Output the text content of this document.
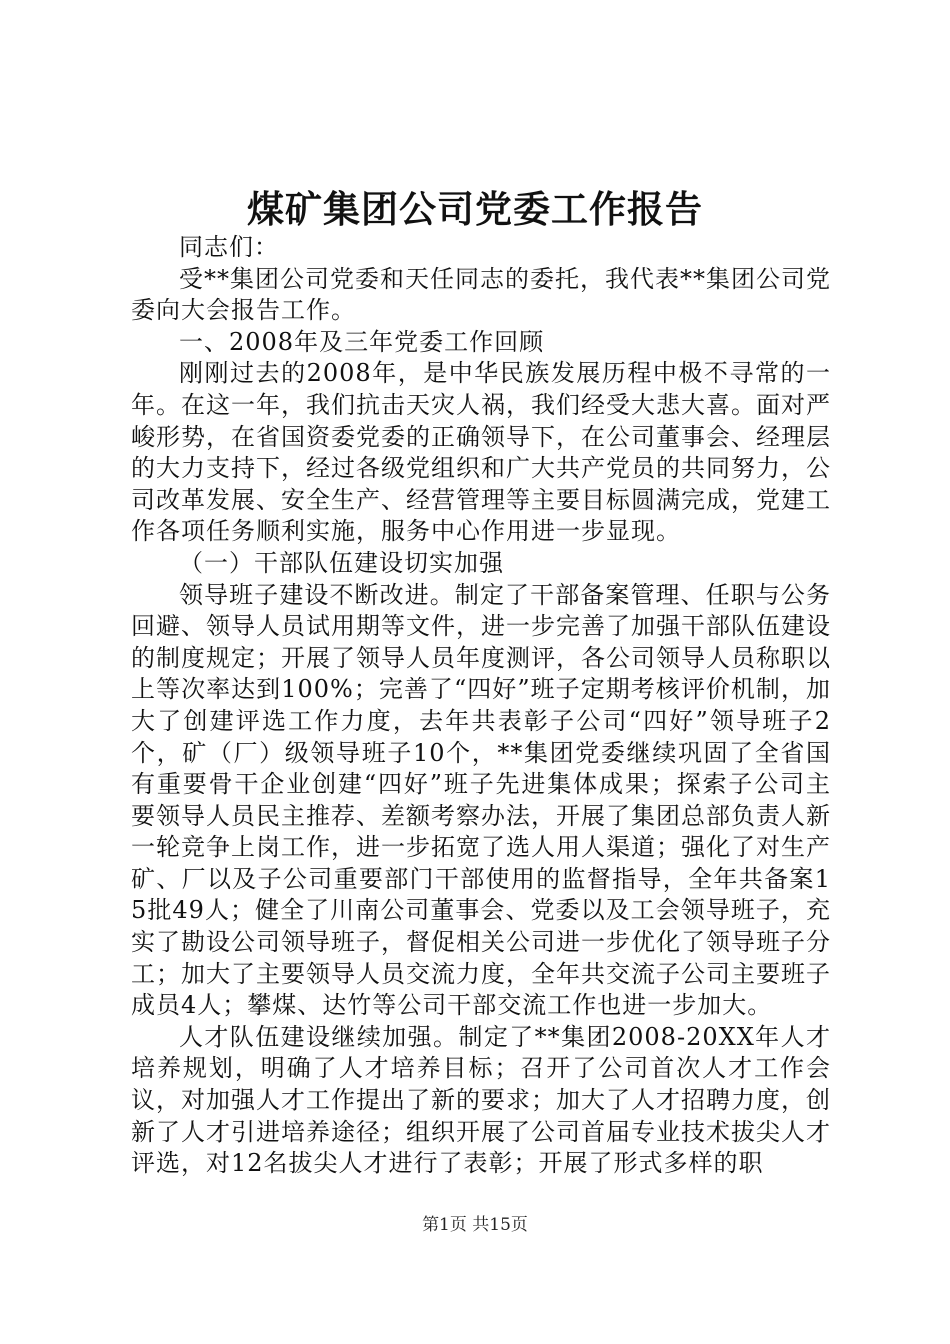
煤矿集团公司党委工作报告

同志们：

受**集团公司党委和天任同志的委托，我代表**集团公司党委向大会报告工作。

一、2008年及三年党委工作回顾

刚刚过去的2008年，是中华民族发展历程中极不寻常的一年。在这一年，我们抗击天灾人祸，我们经受大悲大喜。面对严峻形势，在省国资委党委的正确领导下，在公司董事会、经理层的大力支持下，经过各级党组织和广大共产党员的共同努力，公司改革发展、安全生产、经营管理等主要目标圆满完成，党建工作各项任务顺利实施，服务中心作用进一步显现。

（一）干部队伍建设切实加强

领导班子建设不断改进。制定了干部备案管理、任职与公务回避、领导人员试用期等文件，进一步完善了加强干部队伍建设的制度规定；开展了领导人员年度测评，各公司领导人员称职以上等次率达到100%；完善了“四好”班子定期考核评价机制，加大了创建评选工作力度，去年共表彰子公司“四好”领导班子2个，矿（厂）级领导班子10个，**集团党委继续巩固了全省国有重要骨干企业创建“四好”班子先进集体成果；探索子公司主要领导人员民主推荐、差额考察办法，开展了集团总部负责人新一轮竞争上岗工作，进一步拓宽了选人用人渠道；强化了对生产矿、厂以及子公司重要部门干部使用的监督指导，全年共备案15批49人；健全了川南公司董事会、党委以及工会领导班子，充实了勘设公司领导班子，督促相关公司进一步优化了领导班子分工；加大了主要领导人员交流力度，全年共交流子公司主要班子成员4人；攀煤、达竹等公司干部交流工作也进一步加大。

人才队伍建设继续加强。制定了**集团2008-20XX年人才培养规划，明确了人才培养目标；召开了公司首次人才工作会议，对加强人才工作提出了新的要求；加大了人才招聘力度，创新了人才引进培养途径；组织开展了公司首届专业技术拔尖人才评选，对12名拔尖人才进行了表彰；开展了形式多样的职

第1页 共15页
